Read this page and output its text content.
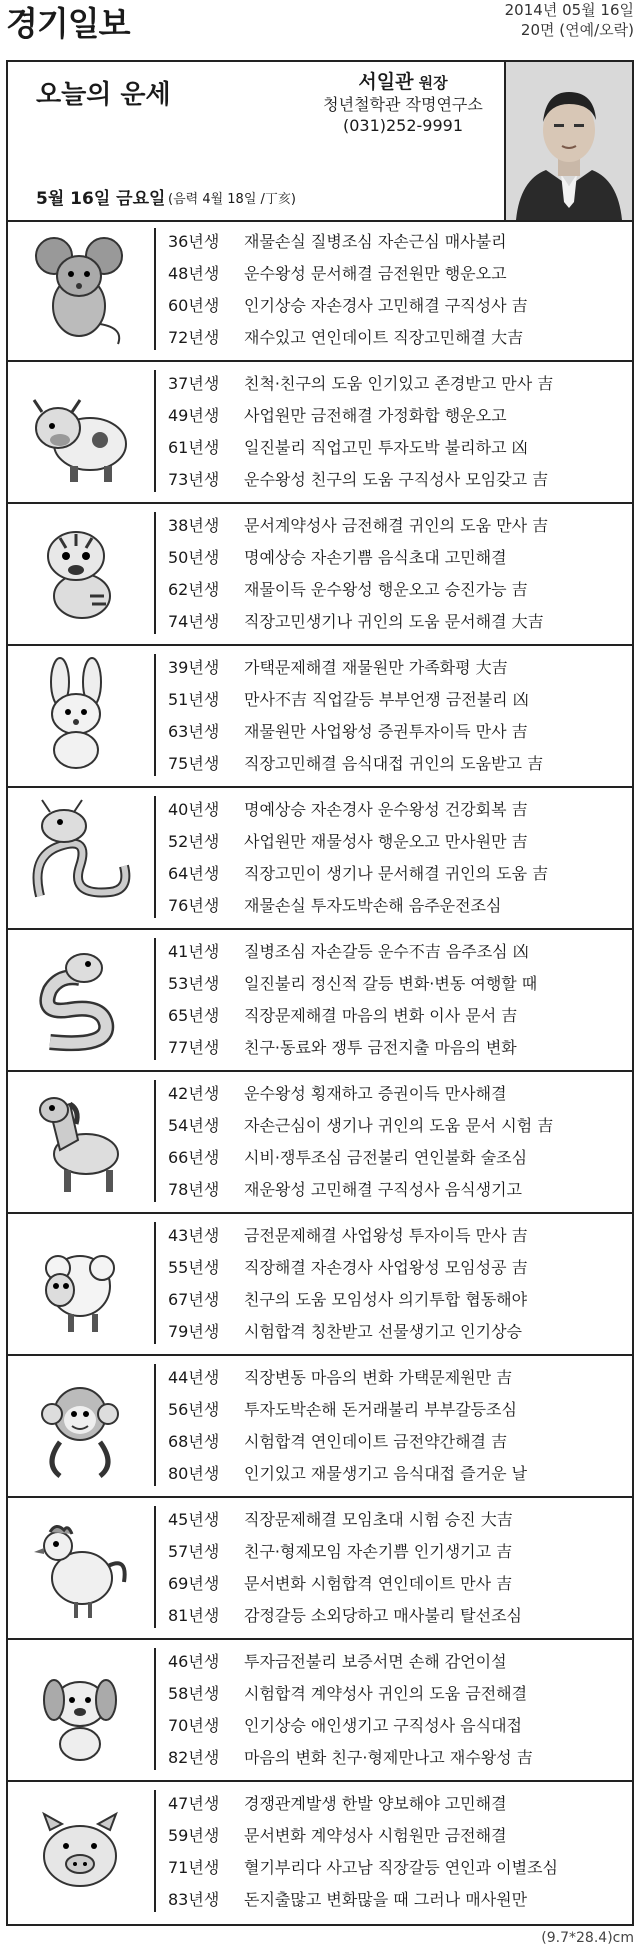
경기일보	2014년 05월 16일
20면 (연예/오락)
오늘의 운세	서일관 원장
청년철학관 작명연구소
(031)252-9991
5월 16일 금요일 (음력 4월 18일 /丁亥)
36년생 재물손실 질병조심 자손근심 매사불리
48년생 운수왕성 문서해결 금전원만 행운오고
60년생 인기상승 자손경사 고민해결 구직성사 吉
72년생 재수있고 연인데이트 직장고민해결 大吉
37년생 친척·친구의 도움 인기있고 존경받고 만사 吉
49년생 사업원만 금전해결 가정화합 행운오고
61년생 일진불리 직업고민 투자도박 불리하고 凶
73년생 운수왕성 친구의 도움 구직성사 모임갖고 吉
38년생 문서계약성사 금전해결 귀인의 도움 만사 吉
50년생 명예상승 자손기쁨 음식초대 고민해결
62년생 재물이득 운수왕성 행운오고 승진가능 吉
74년생 직장고민생기나 귀인의 도움 문서해결 大吉
39년생 가택문제해결 재물원만 가족화평 大吉
51년생 만사不吉 직업갈등 부부언쟁 금전불리 凶
63년생 재물원만 사업왕성 증권투자이득 만사 吉
75년생 직장고민해결 음식대접 귀인의 도움받고 吉
40년생 명예상승 자손경사 운수왕성 건강회복 吉
52년생 사업원만 재물성사 행운오고 만사원만 吉
64년생 직장고민이 생기나 문서해결 귀인의 도움 吉
76년생 재물손실 투자도박손해 음주운전조심
41년생 질병조심 자손갈등 운수不吉 음주조심 凶
53년생 일진불리 정신적 갈등 변화·변동 여행할 때
65년생 직장문제해결 마음의 변화 이사 문서 吉
77년생 친구·동료와 쟁투 금전지출 마음의 변화
42년생 운수왕성 횡재하고 증권이득 만사해결
54년생 자손근심이 생기나 귀인의 도움 문서 시험 吉
66년생 시비·쟁투조심 금전불리 연인불화 술조심
78년생 재운왕성 고민해결 구직성사 음식생기고
43년생 금전문제해결 사업왕성 투자이득 만사 吉
55년생 직장해결 자손경사 사업왕성 모임성공 吉
67년생 친구의 도움 모임성사 의기투합 협동해야
79년생 시험합격 칭찬받고 선물생기고 인기상승
44년생 직장변동 마음의 변화 가택문제원만 吉
56년생 투자도박손해 돈거래불리 부부갈등조심
68년생 시험합격 연인데이트 금전약간해결 吉
80년생 인기있고 재물생기고 음식대접 즐거운 날
45년생 직장문제해결 모임초대 시험 승진 大吉
57년생 친구·형제모임 자손기쁨 인기생기고 吉
69년생 문서변화 시험합격 연인데이트 만사 吉
81년생 감정갈등 소외당하고 매사불리 탈선조심
46년생 투자금전불리 보증서면 손해 감언이설
58년생 시험합격 계약성사 귀인의 도움 금전해결
70년생 인기상승 애인생기고 구직성사 음식대접
82년생 마음의 변화 친구·형제만나고 재수왕성 吉
47년생 경쟁관계발생 한발 양보해야 고민해결
59년생 문서변화 계약성사 시험원만 금전해결
71년생 혈기부리다 사고남 직장갈등 연인과 이별조심
83년생 돈지출많고 변화많을 때 그러나 매사원만
(9.7*28.4)cm
